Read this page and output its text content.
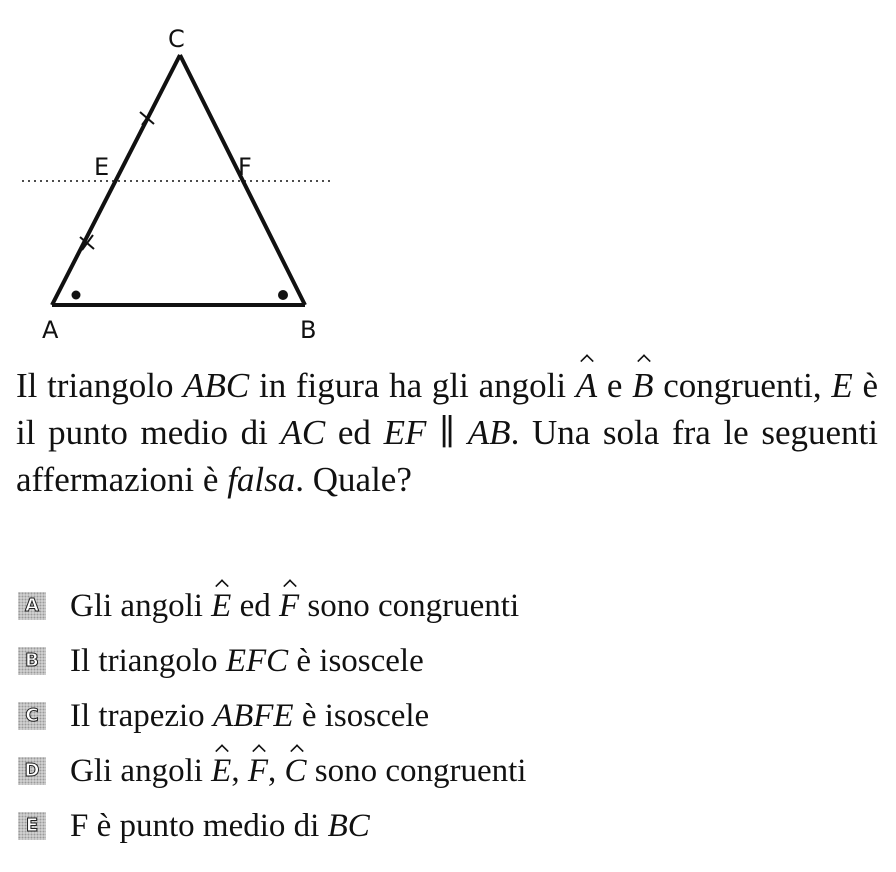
C
E	F
A	B
Il triangolo ABC in figura ha gli angoli A e B congruenti, E è il punto medio di AC ed EF ∥ AB. Una sola fra le seguenti affermazioni è falsa. Quale?
A Gli angoli E ed F sono congruenti
B Il triangolo EFC è isoscele
C Il trapezio ABFE è isoscele
D Gli angoli E, F, C sono congruenti
E F è punto medio di BC
